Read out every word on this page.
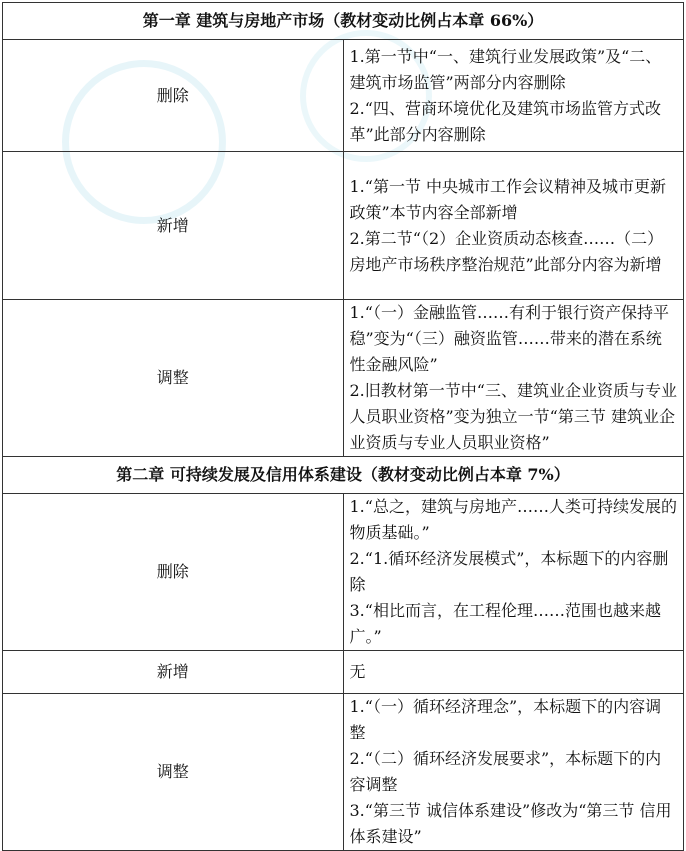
第一章 建筑与房地产市场（教材变动比例占本章 66%）	
删除	1.第一节中“一、建筑行业发展政策”及“二、建筑市场监管”两部分内容删除
2.“四、营商环境优化及建筑市场监管方式改革”此部分内容删除

新增	1.“第一节 中央城市工作会议精神及城市更新政策”本节内容全部新增
2.第二节“（2）企业资质动态核查……（二）房地产市场秩序整治规范”此部分内容为新增

调整	1.“（一）金融监管……有利于银行资产保持平稳”变为“（三）融资监管……带来的潜在系统性金融风险”
2.旧教材第一节中“三、建筑业企业资质与专业人员职业资格”变为独立一节“第三节 建筑业企业资质与专业人员职业资格”

第二章 可持续发展及信用体系建设（教材变动比例占本章 7%）	
删除	1.“总之，建筑与房地产……人类可持续发展的物质基础。”
2.“1.循环经济发展模式”，本标题下的内容删除
3.“相比而言，在工程伦理……范围也越来越广。”

新增	无

调整	1.“（一）循环经济理念”，本标题下的内容调整
2.“（二）循环经济发展要求”，本标题下的内容调整
3.“第三节 诚信体系建设”修改为“第三节 信用体系建设”
